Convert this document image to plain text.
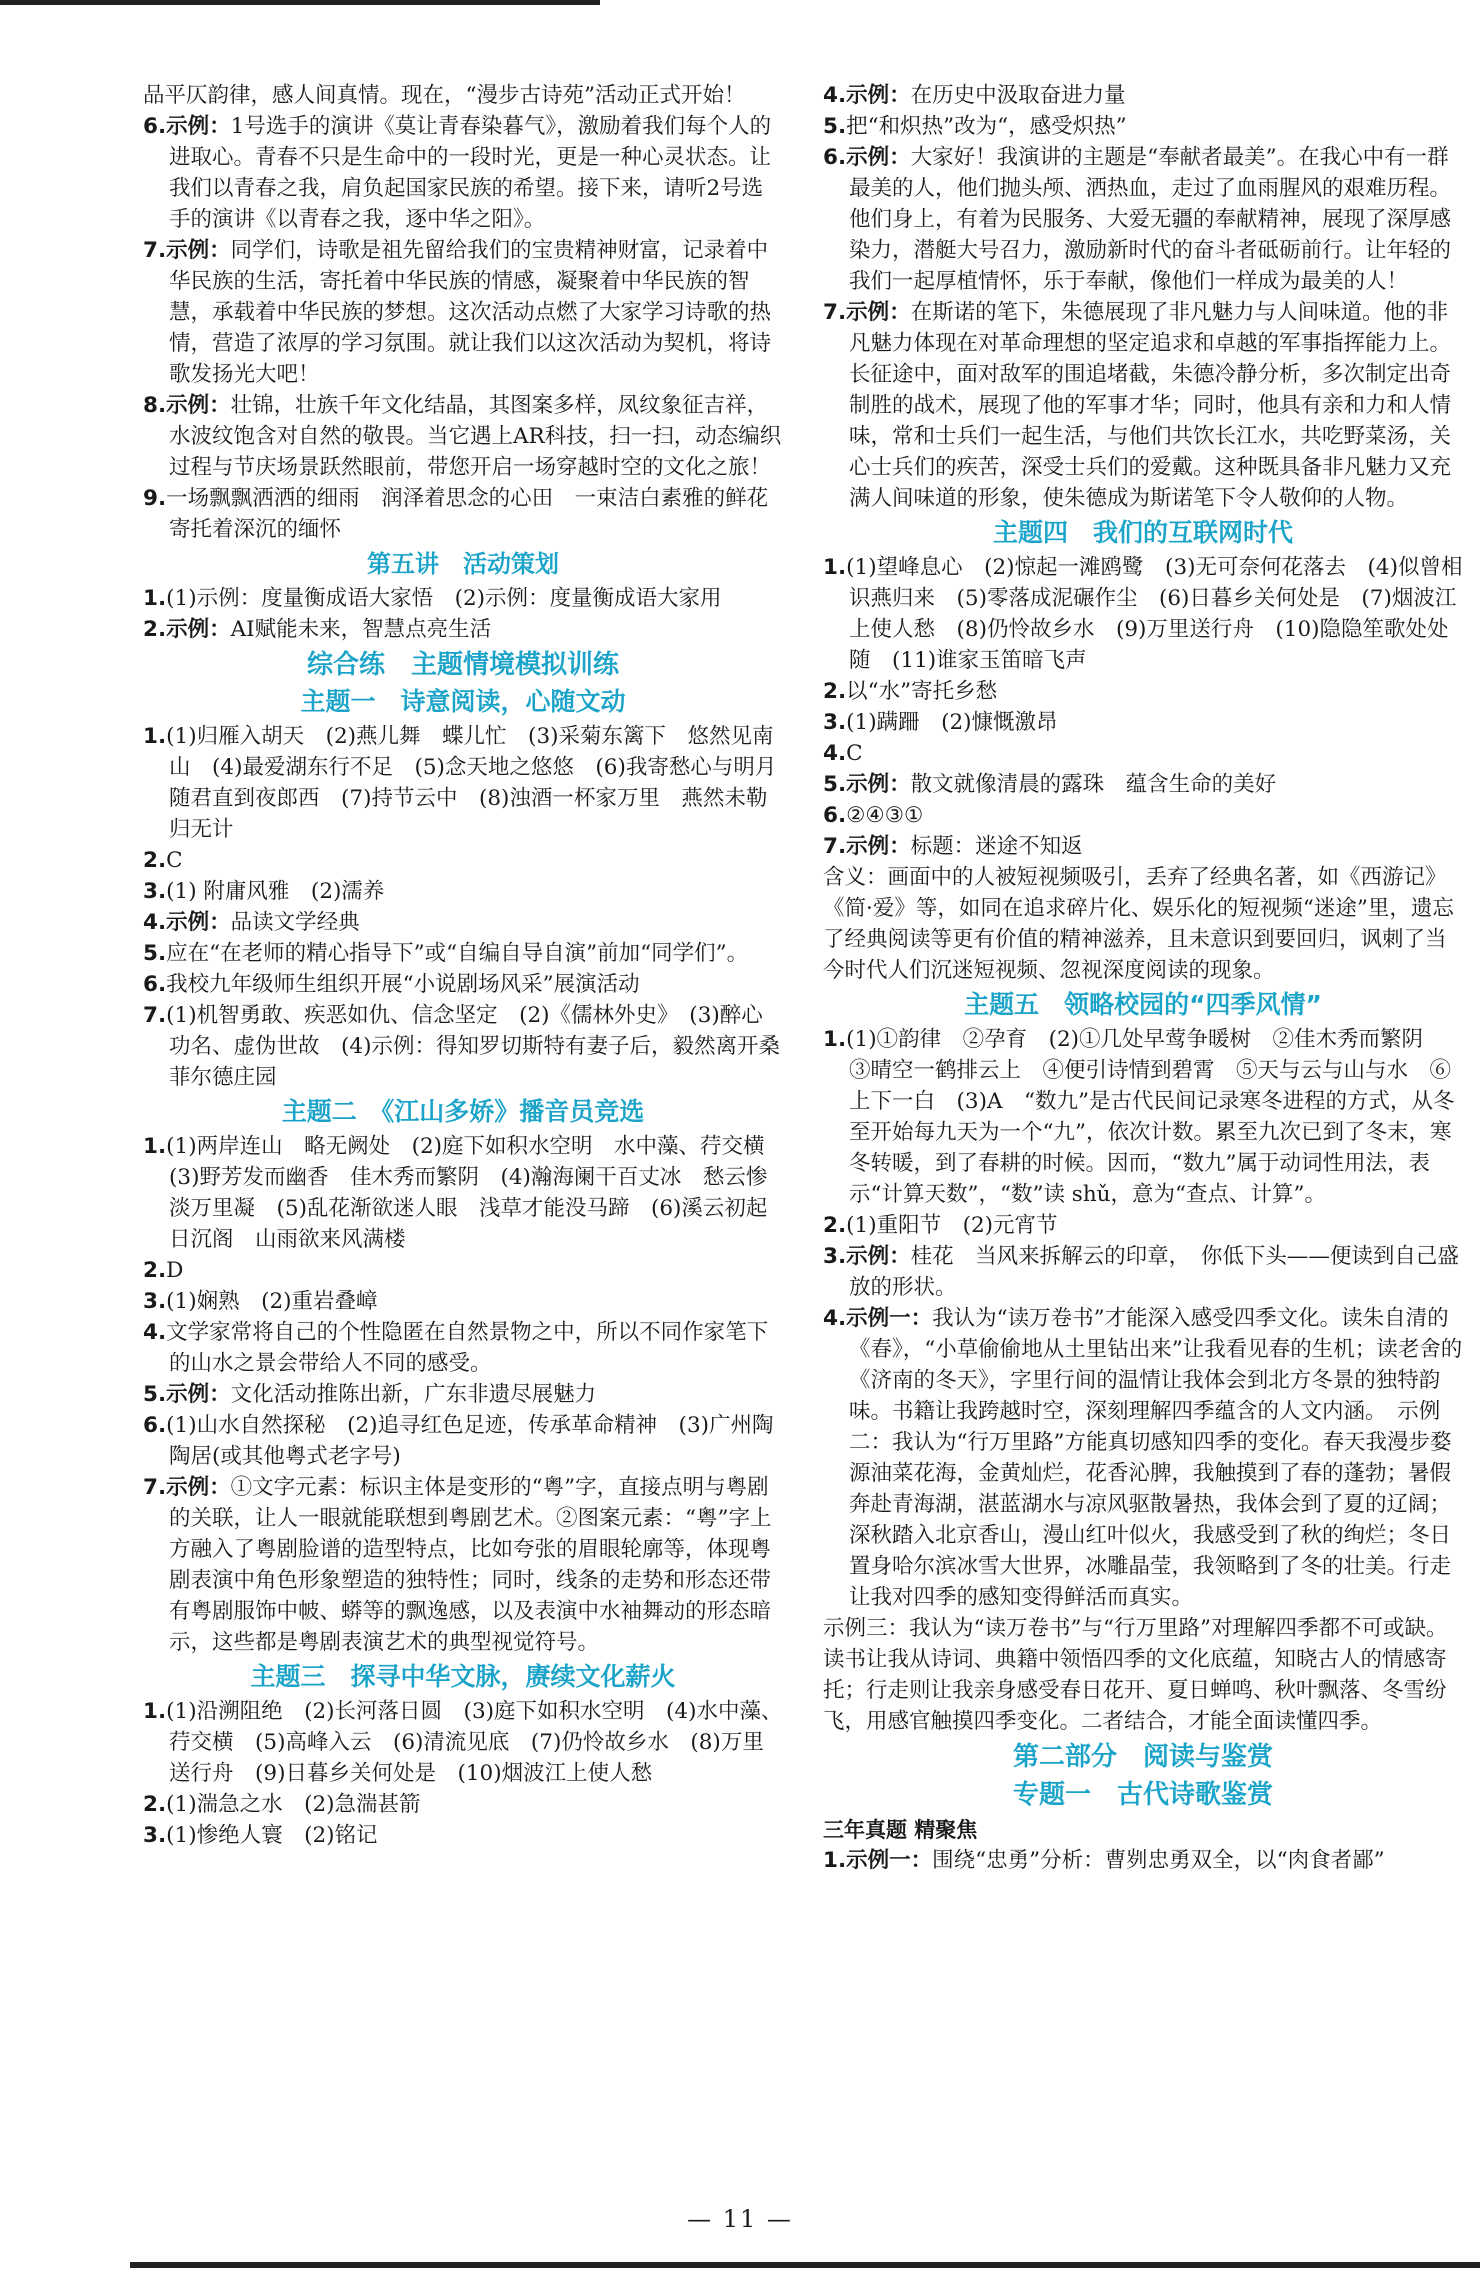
品平仄韵律，感人间真情。现在，“漫步古诗苑”活动正式开始！

6.示例：1号选手的演讲《莫让青春染暮气》，激励着我们每个人的进取心。青春不只是生命中的一段时光，更是一种心灵状态。让我们以青春之我，肩负起国家民族的希望。接下来，请听2号选手的演讲《以青春之我，逐中华之阳》。

7.示例：同学们，诗歌是祖先留给我们的宝贵精神财富，记录着中华民族的生活，寄托着中华民族的情感，凝聚着中华民族的智慧，承载着中华民族的梦想。这次活动点燃了大家学习诗歌的热情，营造了浓厚的学习氛围。就让我们以这次活动为契机，将诗歌发扬光大吧！

8.示例：壮锦，壮族千年文化结晶，其图案多样，凤纹象征吉祥，水波纹饱含对自然的敬畏。当它遇上AR科技，扫一扫，动态编织过程与节庆场景跃然眼前，带您开启一场穿越时空的文化之旅！

9.一场飘飘洒洒的细雨　润泽着思念的心田　一束洁白素雅的鲜花　寄托着深沉的缅怀

第五讲　活动策划

1.(1)示例：度量衡成语大家悟　(2)示例：度量衡成语大家用

2.示例：AI赋能未来，智慧点亮生活

综合练　主题情境模拟训练
主题一　诗意阅读，心随文动

1.(1)归雁入胡天　(2)燕儿舞　蝶儿忙　(3)采菊东篱下　悠然见南山　(4)最爱湖东行不足　(5)念天地之悠悠　(6)我寄愁心与明月　随君直到夜郎西　(7)持节云中　(8)浊酒一杯家万里　燕然未勒归无计

2.C

3.(1) 附庸风雅　(2)濡养

4.示例：品读文学经典

5.应在“在老师的精心指导下”或“自编自导自演”前加“同学们”。

6.我校九年级师生组织开展“小说剧场风采”展演活动

7.(1)机智勇敢、疾恶如仇、信念坚定　(2)《儒林外史》　(3)醉心功名、虚伪世故　(4)示例：得知罗切斯特有妻子后，毅然离开桑菲尔德庄园

主题二　《江山多娇》播音员竞选

1.(1)两岸连山　略无阙处　(2)庭下如积水空明　水中藻、荇交横　(3)野芳发而幽香　佳木秀而繁阴　(4)瀚海阑干百丈冰　愁云惨淡万里凝　(5)乱花渐欲迷人眼　浅草才能没马蹄　(6)溪云初起日沉阁　山雨欲来风满楼

2.D

3.(1)娴熟　(2)重岩叠嶂

4.文学家常将自己的个性隐匿在自然景物之中，所以不同作家笔下的山水之景会带给人不同的感受。

5.示例：文化活动推陈出新，广东非遗尽展魅力

6.(1)山水自然探秘　(2)追寻红色足迹，传承革命精神　(3)广州陶陶居(或其他粤式老字号)

7.示例：①文字元素：标识主体是变形的“粤”字，直接点明与粤剧的关联，让人一眼就能联想到粤剧艺术。②图案元素：“粤”字上方融入了粤剧脸谱的造型特点，比如夸张的眉眼轮廓等，体现粤剧表演中角色形象塑造的独特性；同时，线条的走势和形态还带有粤剧服饰中帔、蟒等的飘逸感，以及表演中水袖舞动的形态暗示，这些都是粤剧表演艺术的典型视觉符号。

主题三　探寻中华文脉，赓续文化薪火

1.(1)沿溯阻绝　(2)长河落日圆　(3)庭下如积水空明　(4)水中藻、荇交横　(5)高峰入云　(6)清流见底　(7)仍怜故乡水　(8)万里送行舟　(9)日暮乡关何处是　(10)烟波江上使人愁

2.(1)湍急之水　(2)急湍甚箭

3.(1)惨绝人寰　(2)铭记

4.示例：在历史中汲取奋进力量

5.把“和炽热”改为“，感受炽热”

6.示例：大家好！我演讲的主题是“奉献者最美”。在我心中有一群最美的人，他们抛头颅、洒热血，走过了血雨腥风的艰难历程。他们身上，有着为民服务、大爱无疆的奉献精神，展现了深厚感染力，潜艇大号召力，激励新时代的奋斗者砥砺前行。让年轻的我们一起厚植情怀，乐于奉献，像他们一样成为最美的人！

7.示例：在斯诺的笔下，朱德展现了非凡魅力与人间味道。他的非凡魅力体现在对革命理想的坚定追求和卓越的军事指挥能力上。长征途中，面对敌军的围追堵截，朱德冷静分析，多次制定出奇制胜的战术，展现了他的军事才华；同时，他具有亲和力和人情味，常和士兵们一起生活，与他们共饮长江水，共吃野菜汤，关心士兵们的疾苦，深受士兵们的爱戴。这种既具备非凡魅力又充满人间味道的形象，使朱德成为斯诺笔下令人敬仰的人物。

主题四　我们的互联网时代

1.(1)望峰息心　(2)惊起一滩鸥鹭　(3)无可奈何花落去　(4)似曾相识燕归来　(5)零落成泥碾作尘　(6)日暮乡关何处是　(7)烟波江上使人愁　(8)仍怜故乡水　(9)万里送行舟　(10)隐隐笙歌处处随　(11)谁家玉笛暗飞声

2.以“水”寄托乡愁

3.(1)蹒跚　(2)慷慨激昂

4.C

5.示例：散文就像清晨的露珠　蕴含生命的美好

6.②④③①

7.示例：标题：迷途不知返

含义：画面中的人被短视频吸引，丢弃了经典名著，如《西游记》《简·爱》等，如同在追求碎片化、娱乐化的短视频“迷途”里，遗忘了经典阅读等更有价值的精神滋养，且未意识到要回归，讽刺了当今时代人们沉迷短视频、忽视深度阅读的现象。

主题五　领略校园的“四季风情”

1.(1)①韵律　②孕育　(2)①几处早莺争暖树　②佳木秀而繁阴　③晴空一鹤排云上　④便引诗情到碧霄　⑤天与云与山与水　⑥上下一白　(3)A　“数九”是古代民间记录寒冬进程的方式，从冬至开始每九天为一个“九”，依次计数。累至九次已到了冬末，寒冬转暖，到了春耕的时候。因而，“数九”属于动词性用法，表示“计算天数”，“数”读 shǔ，意为“查点、计算”。

2.(1)重阳节　(2)元宵节

3.示例：桂花　当风来拆解云的印章，　你低下头——便读到自己盛放的形状。

4.示例一：我认为“读万卷书”才能深入感受四季文化。读朱自清的《春》，“小草偷偷地从土里钻出来”让我看见春的生机；读老舍的《济南的冬天》，字里行间的温情让我体会到北方冬景的独特韵味。书籍让我跨越时空，深刻理解四季蕴含的人文内涵。　示例二：我认为“行万里路”方能真切感知四季的变化。春天我漫步婺源油菜花海，金黄灿烂，花香沁脾，我触摸到了春的蓬勃；暑假奔赴青海湖，湛蓝湖水与凉风驱散暑热，我体会到了夏的辽阔；深秋踏入北京香山，漫山红叶似火，我感受到了秋的绚烂；冬日置身哈尔滨冰雪大世界，冰雕晶莹，我领略到了冬的壮美。行走让我对四季的感知变得鲜活而真实。

示例三：我认为“读万卷书”与“行万里路”对理解四季都不可或缺。读书让我从诗词、典籍中领悟四季的文化底蕴，知晓古人的情感寄托；行走则让我亲身感受春日花开、夏日蝉鸣、秋叶飘落、冬雪纷飞，用感官触摸四季变化。二者结合，才能全面读懂四季。

第二部分　阅读与鉴赏
专题一　古代诗歌鉴赏
三年真题 精聚焦

1.示例一：围绕“忠勇”分析：曹刿忠勇双全，以“肉食者鄙”

— 11 —
